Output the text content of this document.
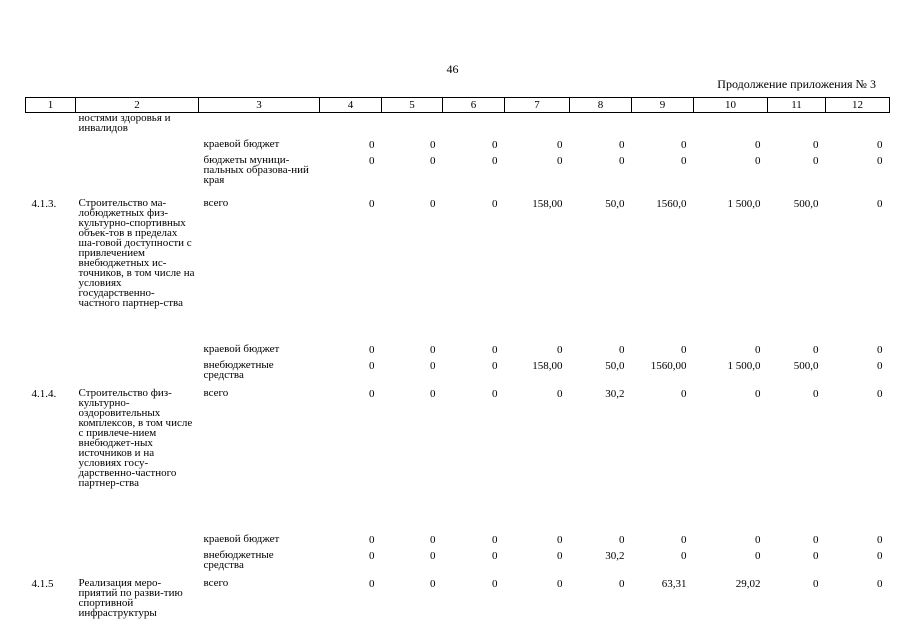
46
Продолжение приложения № 3
1	2	3	4	5	6	7	8	9	10	11	12
	ностями здоровья и инвалидов										
		краевой бюджет	0	0	0	0	0	0	0	0	0
		бюджеты муници-пальных образова-ний края	0	0	0	0	0	0	0	0	0
4.1.3.	Строительство ма-лобюджетных физ-культурно-спортивных объек-тов в пределах ша-говой доступности с привлечением внебюджетных ис-точников, в том числе на условиях государственно-частного партнер-ства	всего	0	0	0	158,00	50,0	1560,0	1 500,0	500,0	0
		краевой бюджет	0	0	0	0	0	0	0	0	0
		внебюджетные средства	0	0	0	158,00	50,0	1560,00	1 500,0	500,0	0
4.1.4.	Строительство физ-культурно-оздоровительных комплексов, в том числе с привлече-нием внебюджет-ных источников и на условиях госу-дарственно-частного партнер-ства	всего	0	0	0	0	30,2	0	0	0	0
		краевой бюджет	0	0	0	0	0	0	0	0	0
		внебюджетные средства	0	0	0	0	30,2	0	0	0	0
4.1.5	Реализация меро-приятий по разви-тию спортивной инфраструктуры	всего	0	0	0	0	0	63,31	29,02	0	0
